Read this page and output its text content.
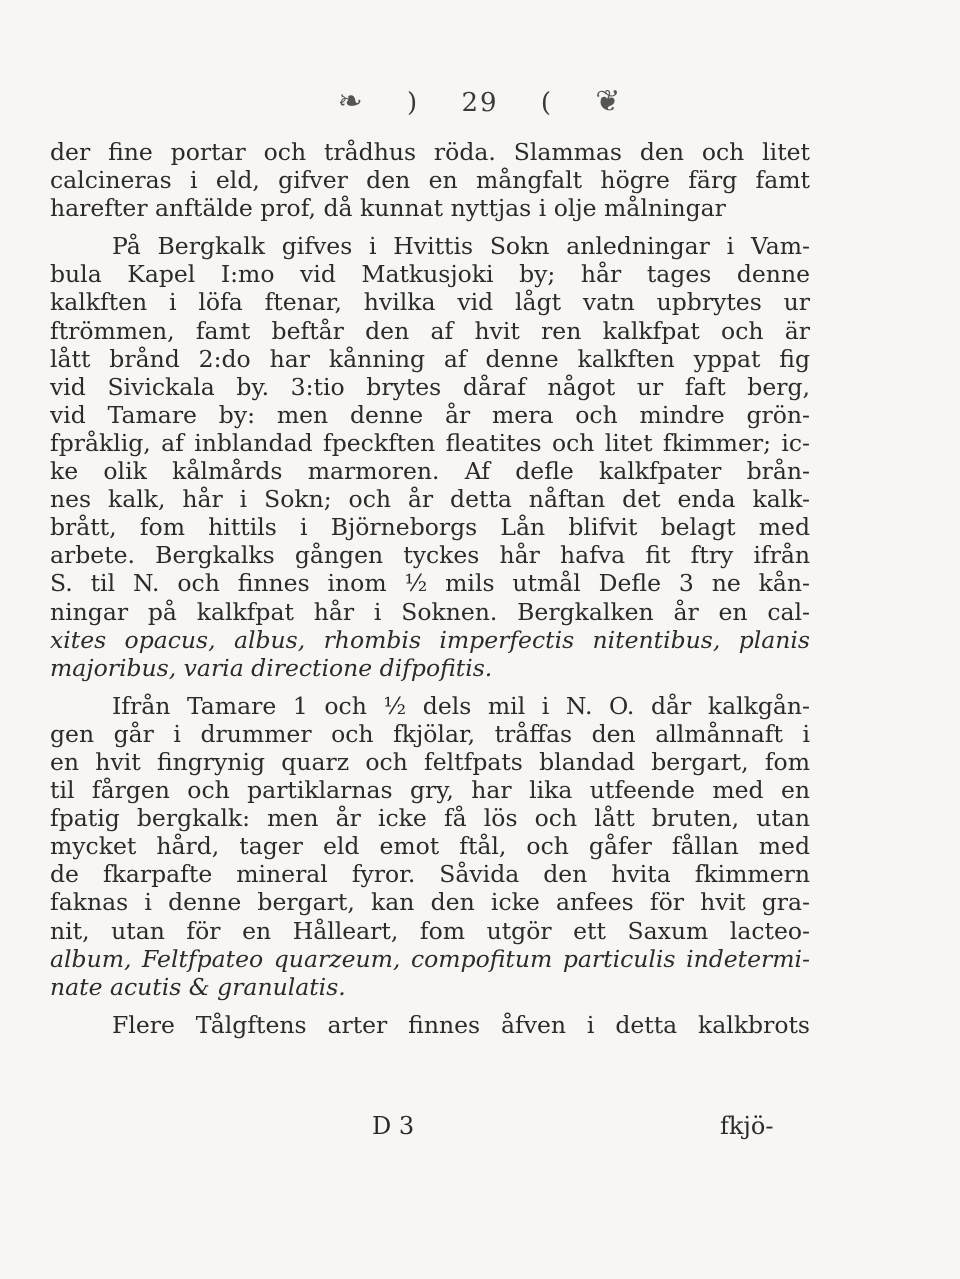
❧ ) 29 ( ❦
der fine portar och trådhus röda. Slammas den och litet
calcineras i eld, gifver den en mångfalt högre färg famt
harefter anftälde prof, då kunnat nyttjas i olje målningar
På Bergkalk gifves i Hvittis Sokn anledningar i Vam-
bula Kapel I:mo vid Matkusjoki by; hår tages denne
kalkften i löfa ftenar, hvilka vid lågt vatn upbrytes ur
ftrömmen, famt beftår den af hvit ren kalkfpat och är
lått brånd 2:do har kånning af denne kalkften yppat fig
vid Sivickala by. 3:tio brytes dåraf något ur faft berg,
vid Tamare by: men denne år mera och mindre grön-
fpråklig, af inblandad fpeckften fleatites och litet fkimmer; ic-
ke olik kålmårds marmoren. Af defle kalkfpater brån-
nes kalk, hår i Sokn; och år detta nåftan det enda kalk-
brått, fom hittils i Björneborgs Lån blifvit belagt med
arbete. Bergkalks gången tyckes hår hafva fit ftry ifrån
S. til N. och finnes inom ½ mils utmål Defle 3 ne kån-
ningar på kalkfpat hår i Soknen. Bergkalken år en cal-
xites opacus, albus, rhombis imperfectis nitentibus, planis
majoribus, varia directione difpofitis.
Ifrån Tamare 1 och ½ dels mil i N. O. dår kalkgån-
gen går i drummer och fkjölar, tråffas den allmånnaft i
en hvit fingrynig quarz och feltfpats blandad bergart, fom
til fårgen och partiklarnas gry, har lika utfeende med en
fpatig bergkalk: men år icke få lös och lått bruten, utan
mycket hård, tager eld emot ftål, och gåfer fållan med
de fkarpafte mineral fyror. Såvida den hvita fkimmern
faknas i denne bergart, kan den icke anfees för hvit gra-
nit, utan för en Hålleart, fom utgör ett Saxum lacteo-
album, Feltfpateo quarzeum, compofitum particulis indetermi-
nate acutis & granulatis.
Flere Tålgftens arter finnes åfven i detta kalkbrots
D 3	fkjö-
